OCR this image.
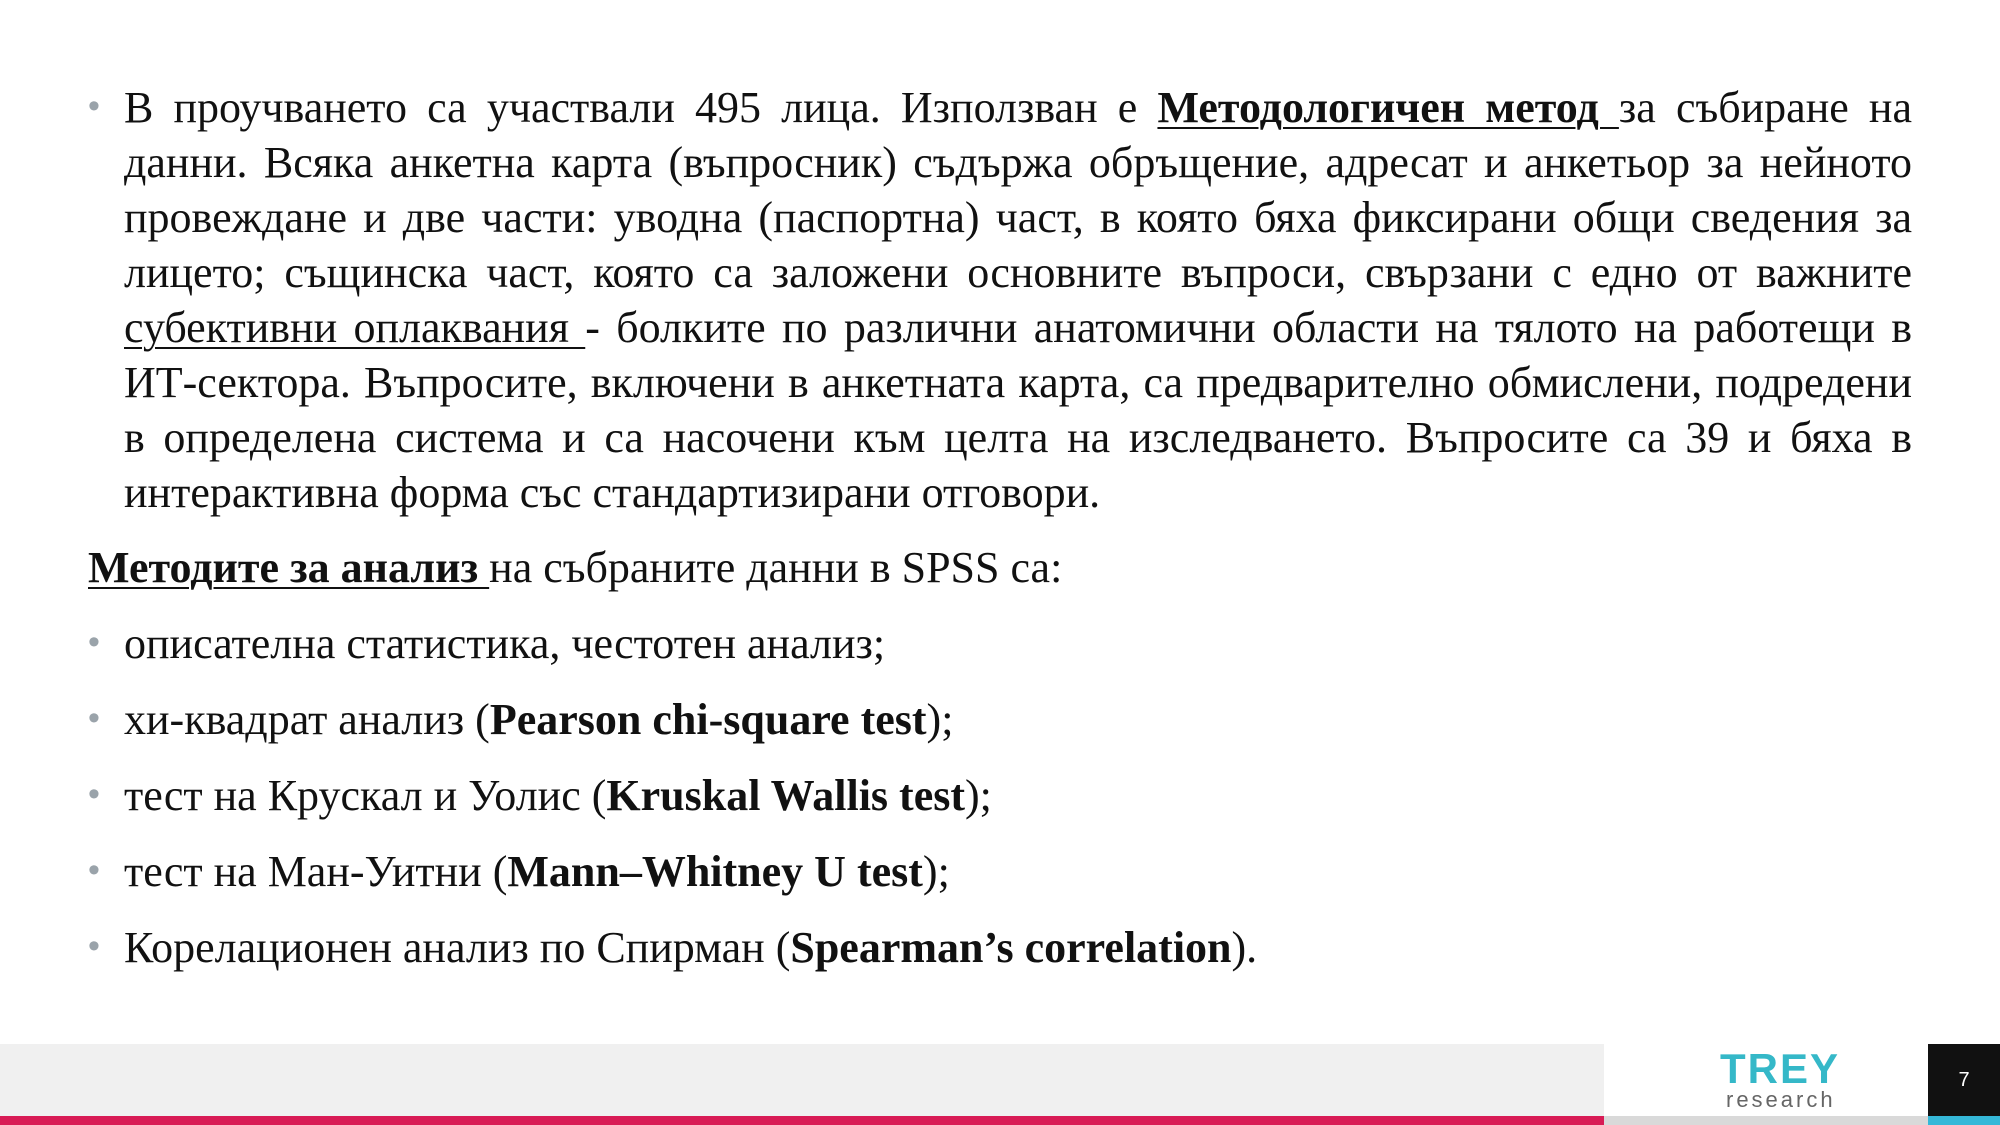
• В проучването са участвали 495 лица. Използван е Методологичен метод за събиране на данни. Всяка анкетна карта (въпросник) съдържа обръщение, адресат и анкетьор за нейното провеждане и две части: уводна (паспортна) част, в която бяха фиксирани общи сведения за лицето; същинска част, която са заложени основните въпроси, свързани с едно от важните субективни оплаквания - болките по различни анатомични области на тялото на работещи в ИТ-сектора. Въпросите, включени в анкетната карта, са предварително обмислени, подредени в определена система и са насочени към целта на изследването. Въпросите са 39 и бяха в интерактивна форма със стандартизирани отговори.
Методите за анализ на събраните данни в SPSS са:
• описателна статистика, честотен анализ;
• хи-квадрат анализ (Pearson chi-square test);
• тест на Крускал и Уолис (Kruskal Wallis test);
• тест на Ман-Уитни (Mann–Whitney U test);
• Корелационен анализ по Спирман (Spearman’s correlation).
TREY
research
7
